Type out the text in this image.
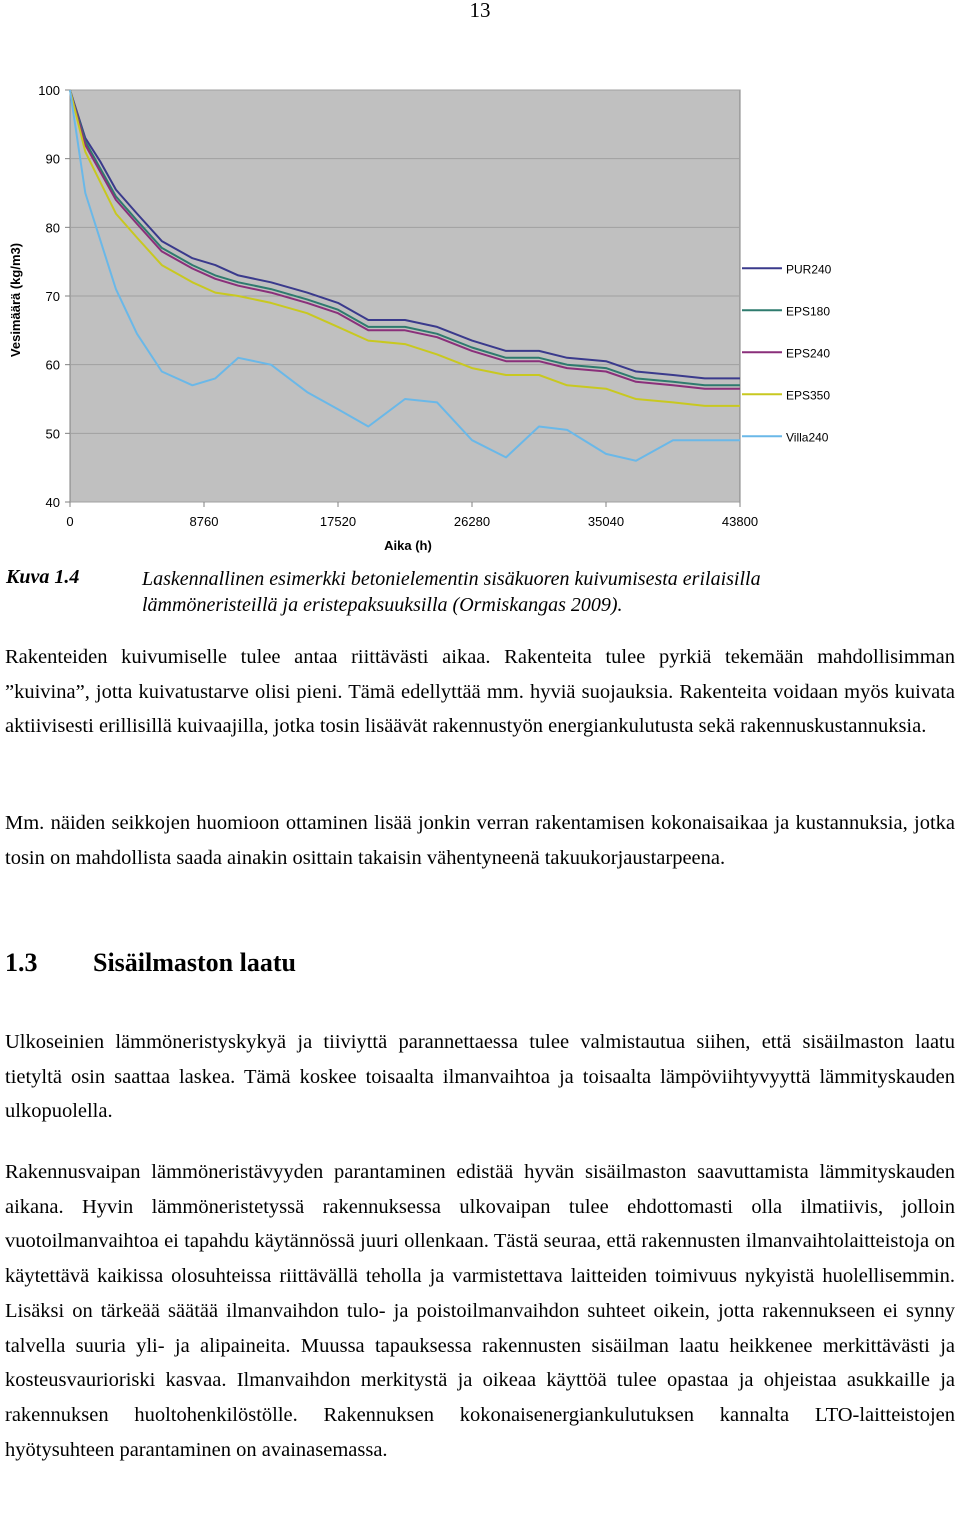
13
40
50
60
70
80
90
100
0	8760	17520	26280	35040	43800
PUR240
EPS180
EPS240
EPS350
Villa240
Vesimäärä (kg/m3)
Aika (h)
Kuva 1.4	Laskennallinen esimerkki betonielementin sisäkuoren kuivumisesta erilaisilla
lämmöneristeillä ja eristepaksuuksilla (Ormiskangas 2009).

Rakenteiden kuivumiselle tulee antaa riittävästi aikaa. Rakenteita tulee pyrkiä tekemään mahdollisimman ”kuivina”, jotta kuivatustarve olisi pieni. Tämä edellyttää mm. hyviä suojauksia. Rakenteita voidaan myös kuivata aktiivisesti erillisillä kuivaajilla, jotka tosin lisäävät rakennustyön energiankulutusta sekä rakennuskustannuksia.

Mm. näiden seikkojen huomioon ottaminen lisää jonkin verran rakentamisen kokonaisaikaa ja kustannuksia, jotka tosin on mahdollista saada ainakin osittain takaisin vähentyneenä takuukorjaustarpeena.

1.3 Sisäilmaston laatu

Ulkoseinien lämmöneristyskykyä ja tiiviyttä parannettaessa tulee valmistautua siihen, että sisäilmaston laatu tietyltä osin saattaa laskea. Tämä koskee toisaalta ilmanvaihtoa ja toisaalta lämpöviihtyvyyttä lämmityskauden ulkopuolella.

Rakennusvaipan lämmöneristävyyden parantaminen edistää hyvän sisäilmaston saavuttamista lämmityskauden aikana. Hyvin lämmöneristetyssä rakennuksessa ulkovaipan tulee ehdottomasti olla ilmatiivis, jolloin vuotoilmanvaihtoa ei tapahdu käytännössä juuri ollenkaan. Tästä seuraa, että rakennusten ilmanvaihtolaitteistoja on käytettävä kaikissa olosuhteissa riittävällä teholla ja varmistettava laitteiden toimivuus nykyistä huolellisemmin. Lisäksi on tärkeää säätää ilmanvaihdon tulo- ja poistoilmanvaihdon suhteet oikein, jotta rakennukseen ei synny talvella suuria yli- ja alipaineita. Muussa tapauksessa rakennusten sisäilman laatu heikkenee merkittävästi ja kosteusvaurioriski kasvaa. Ilmanvaihdon merkitystä ja oikeaa käyttöä tulee opastaa ja ohjeistaa asukkaille ja rakennuksen huoltohenkilöstölle. Rakennuksen kokonaisenergiankulutuksen kannalta LTO-laitteistojen hyötysuhteen parantaminen on avainasemassa.
